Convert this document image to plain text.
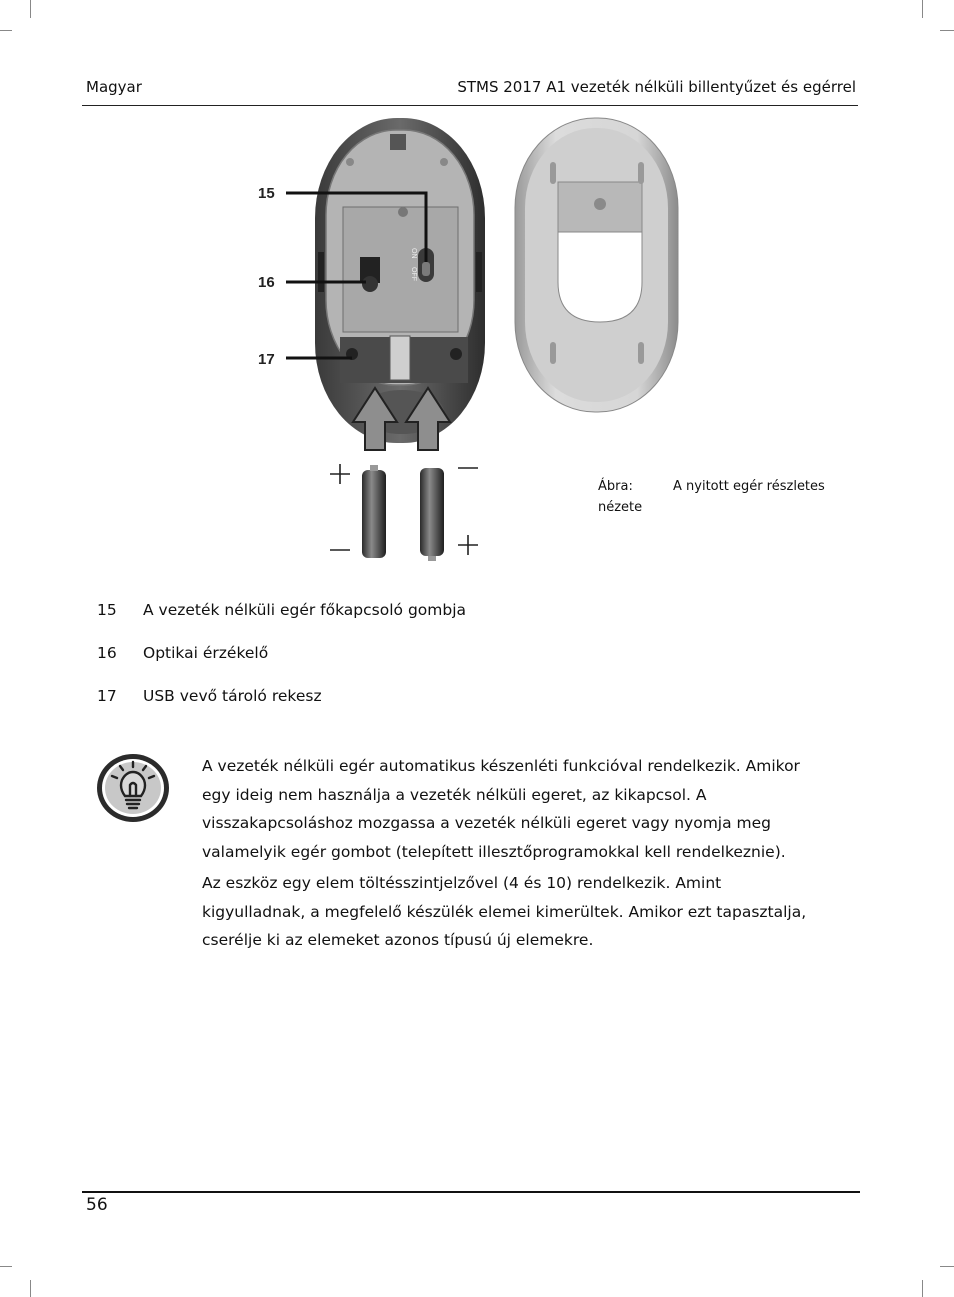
Magyar	STMS 2017 A1 vezeték nélküli billentyűzet és egérrel
ON
OFF
15
16
17
Ábra:	A nyitott egér részletes
nézete
15 A vezeték nélküli egér főkapcsoló gombja
16 Optikai érzékelő
17 USB vevő tároló rekesz

A vezeték nélküli egér automatikus készenléti funkcióval rendelkezik. Amikor egy ideig nem használja a vezeték nélküli egeret, az kikapcsol. A visszakapcsoláshoz mozgassa a vezeték nélküli egeret vagy nyomja meg valamelyik egér gombot (telepített illesztőprogramokkal kell rendelkeznie).

Az eszköz egy elem töltésszintjelzővel (4 és 10) rendelkezik. Amint kigyulladnak, a megfelelő készülék elemei kimerültek. Amikor ezt tapasztalja, cserélje ki az elemeket azonos típusú új elemekre.

56
